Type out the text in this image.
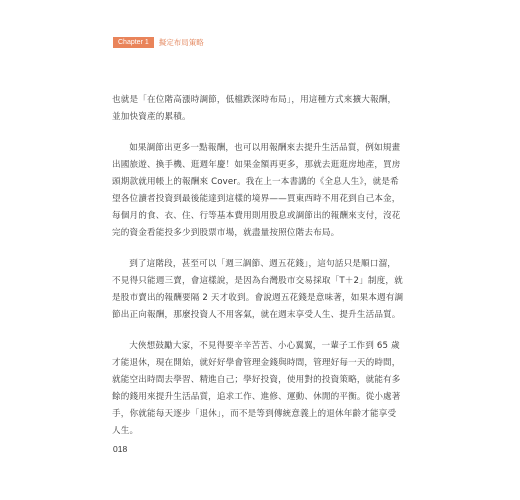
Chapter 1	擬定布局策略

也就是「在位階高漲時調節，低檔跌深時布局」，用這種方式來擴大報酬，並加快資產的累積。

如果調節出更多一點報酬，也可以用報酬來去提升生活品質，例如規畫出國旅遊、換手機、逛週年慶！如果金額再更多，那就去逛逛房地產，買房頭期款就用帳上的報酬來 Cover。我在上一本書講的《全息人生》，就是希望各位讀者投資到最後能達到這樣的境界——買東西時不用花到自己本金，每個月的食、衣、住、行等基本費用則用股息或調節出的報酬來支付，沒花完的資金看能投多少到股票市場，就盡量按照位階去布局。

到了這階段，甚至可以「週三調節、週五花錢」，這句話只是順口溜，不見得只能週三賣，會這樣說，是因為台灣股市交易採取「T＋2」制度，就是股市賣出的報酬要隔 2 天才收到。會說週五花錢是意味著，如果本週有調節出正向報酬，那麼投資人不用客氣，就在週末享受人生、提升生活品質。

大俠想鼓勵大家，不見得要辛辛苦苦、小心翼翼，一輩子工作到 65 歲才能退休，現在開始，就好好學會管理金錢與時間，管理好每一天的時間，就能空出時間去學習、精進自己；學好投資，使用對的投資策略，就能有多餘的錢用來提升生活品質，追求工作、進修、運動、休閒的平衡。從小處著手，你就能每天逐步「退休」，而不是等到傳統意義上的退休年齡才能享受人生。

018
